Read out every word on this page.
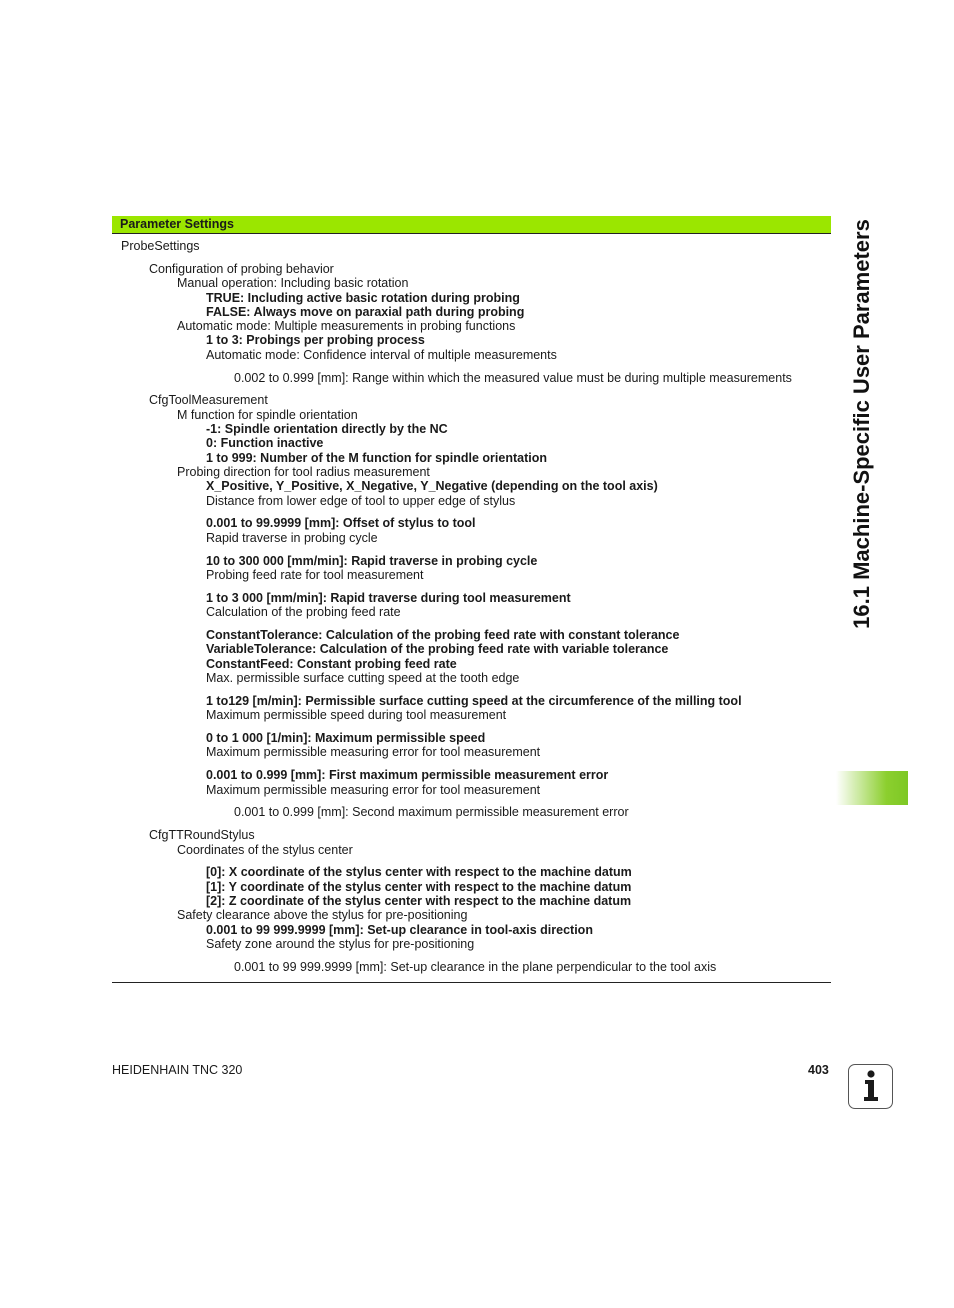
Parameter Settings
ProbeSettings
Configuration of probing behavior
Manual operation: Including basic rotation
TRUE: Including active basic rotation during probing
FALSE: Always move on paraxial path during probing
Automatic mode: Multiple measurements in probing functions
1 to 3: Probings per probing process
Automatic mode: Confidence interval of multiple measurements
0.002 to 0.999 [mm]: Range within which the measured value must be during multiple measurements
CfgToolMeasurement
M function for spindle orientation
-1: Spindle orientation directly by the NC
0: Function inactive
1 to 999: Number of the M function for spindle orientation
Probing direction for tool radius measurement
X_Positive, Y_Positive, X_Negative, Y_Negative (depending on the tool axis)
Distance from lower edge of tool to upper edge of stylus
0.001 to 99.9999 [mm]: Offset of stylus to tool
Rapid traverse in probing cycle
10 to 300 000 [mm/min]: Rapid traverse in probing cycle
Probing feed rate for tool measurement
1 to 3 000 [mm/min]: Rapid traverse during tool measurement
Calculation of the probing feed rate
ConstantTolerance: Calculation of the probing feed rate with constant tolerance
VariableTolerance: Calculation of the probing feed rate with variable tolerance
ConstantFeed: Constant probing feed rate
Max. permissible surface cutting speed at the tooth edge
1 to129 [m/min]: Permissible surface cutting speed at the circumference of the milling tool
Maximum permissible speed during tool measurement
0 to 1 000 [1/min]: Maximum permissible speed
Maximum permissible measuring error for tool measurement
0.001 to 0.999 [mm]: First maximum permissible measurement error
Maximum permissible measuring error for tool measurement
0.001 to 0.999 [mm]: Second maximum permissible measurement error
CfgTTRoundStylus
Coordinates of the stylus center
[0]: X coordinate of the stylus center with respect to the machine datum
[1]: Y coordinate of the stylus center with respect to the machine datum
[2]: Z coordinate of the stylus center with respect to the machine datum
Safety clearance above the stylus for pre-positioning
0.001 to 99 999.9999 [mm]: Set-up clearance in tool-axis direction
Safety zone around the stylus for pre-positioning
0.001 to 99 999.9999 [mm]: Set-up clearance in the plane perpendicular to the tool axis
16.1 Machine-Specific User Parameters
HEIDENHAIN TNC 320	403
